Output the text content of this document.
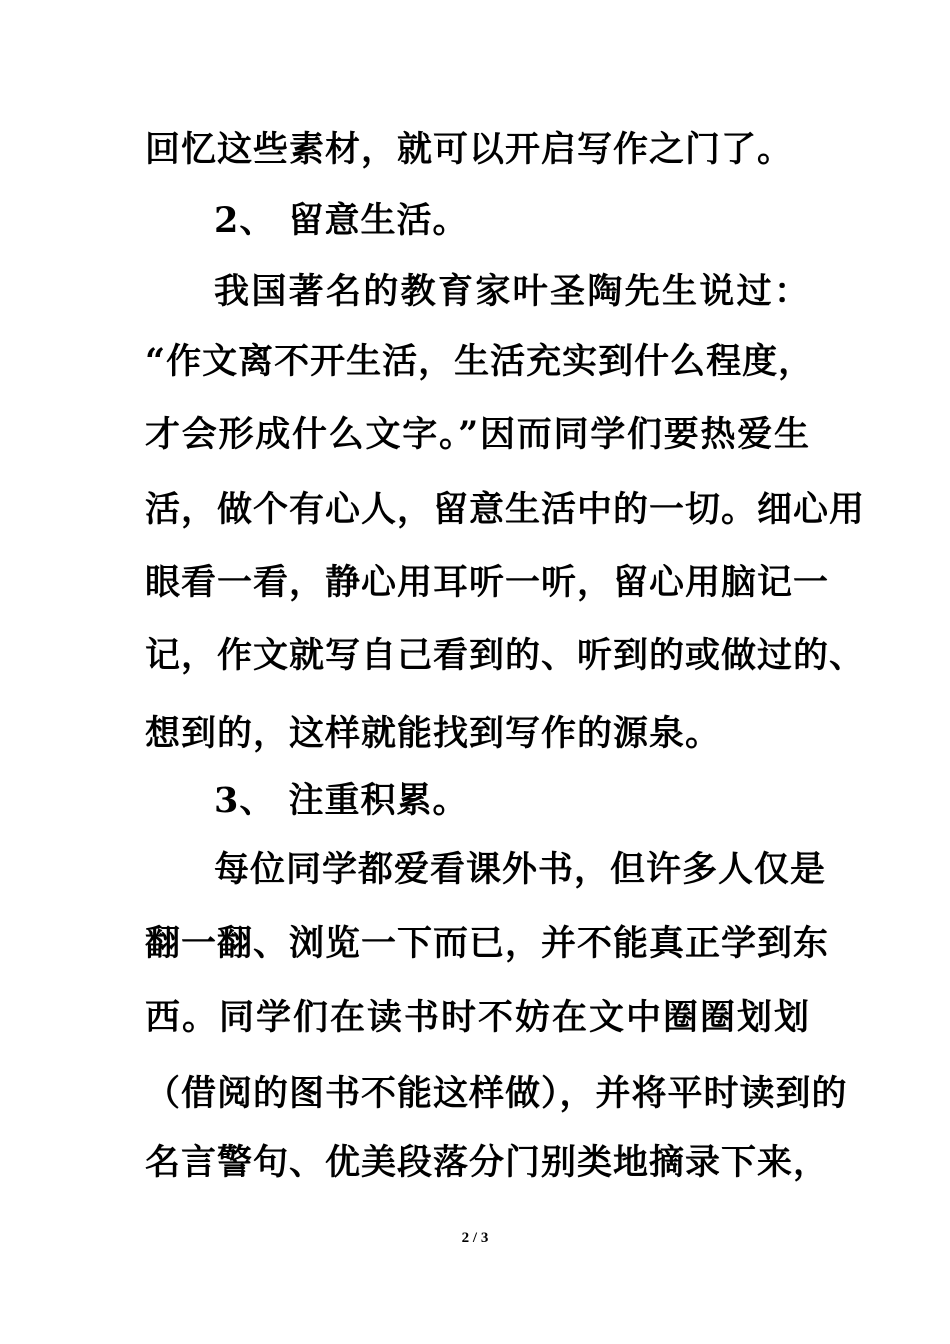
回忆这些素材，就可以开启写作之门了。
2、 留意生活。
我国著名的教育家叶圣陶先生说过：
“作文离不开生活，生活充实到什么程度，
才会形成什么文字。”因而同学们要热爱生
活，做个有心人，留意生活中的一切。细心用
眼看一看，静心用耳听一听，留心用脑记一
记，作文就写自己看到的、听到的或做过的、
想到的，这样就能找到写作的源泉。
3、 注重积累。
每位同学都爱看课外书，但许多人仅是
翻一翻、浏览一下而已，并不能真正学到东
西。同学们在读书时不妨在文中圈圈划划
（借阅的图书不能这样做），并将平时读到的
名言警句、优美段落分门别类地摘录下来，
2 / 3
